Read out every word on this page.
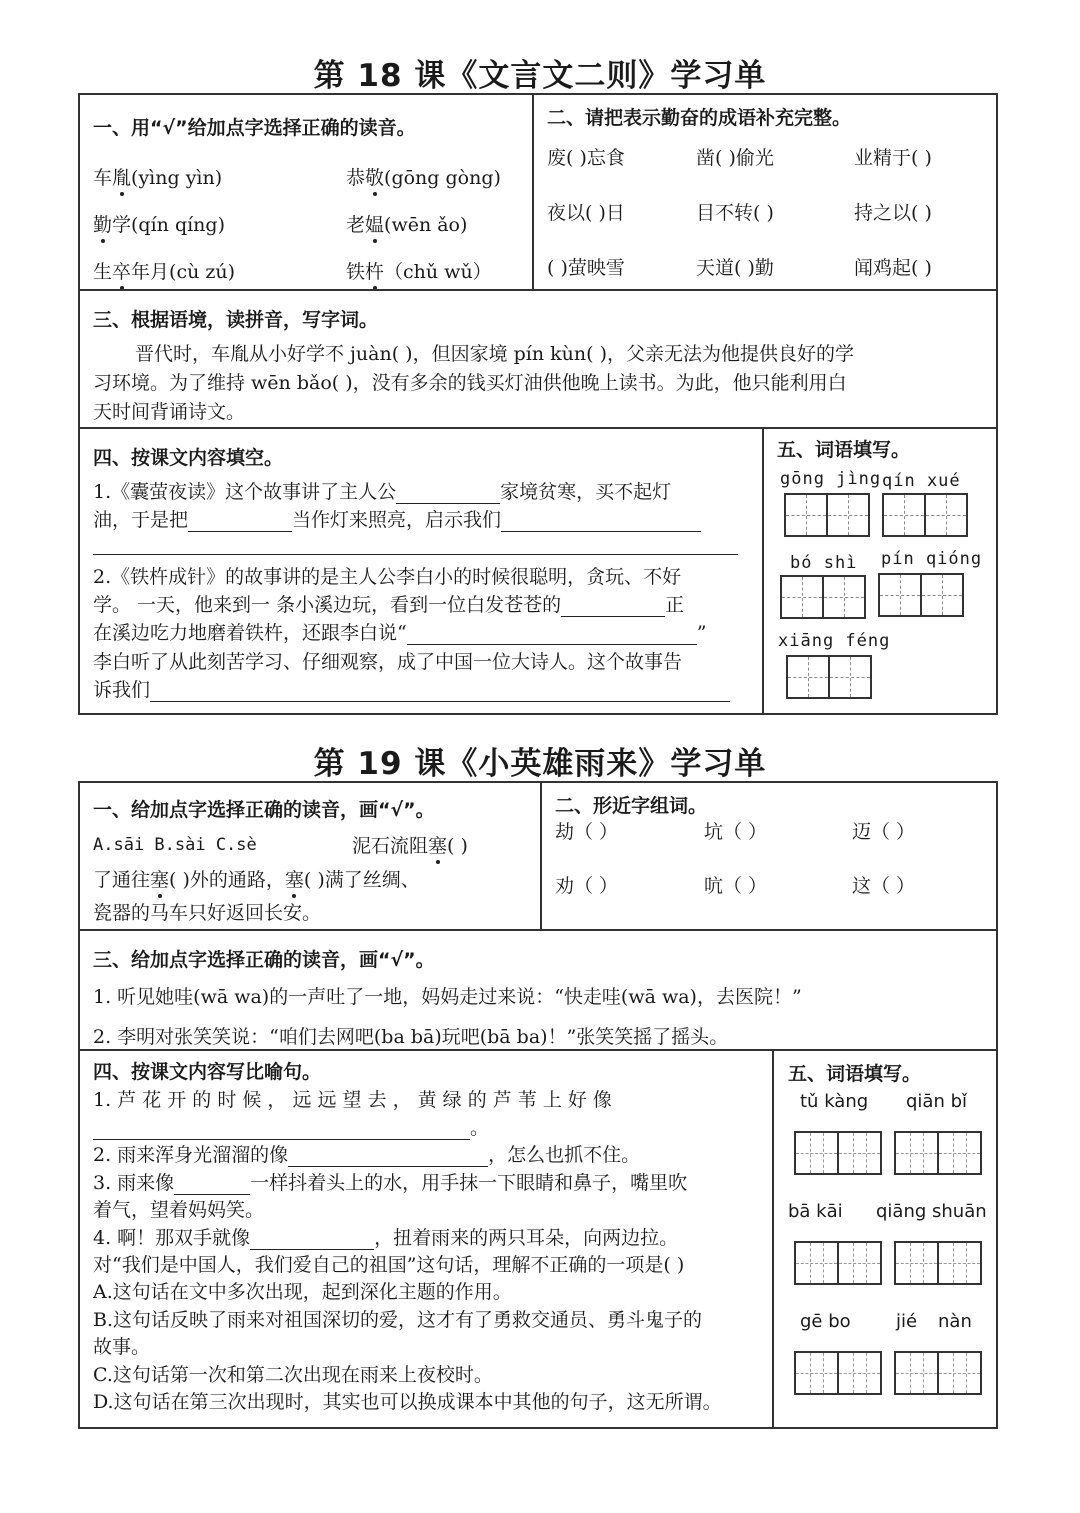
第 18 课《文言文二则》学习单
一、用“√”给加点字选择正确的读音。
车胤(yìng yìn)	恭敬(gōng gòng)
勤学(qín qíng)	老媪(wēn ǎo)
生卒年月(cù zú)	铁杵（chǔ wǔ）
二、请把表示勤奋的成语补充完整。
废( )忘食	凿( )偷光	业精于( )
夜以( )日	目不转( )	持之以( )
( )萤映雪	天道( )勤	闻鸡起( )
三、根据语境，读拼音，写字词。
晋代时，车胤从小好学不 juàn( )，但因家境 pín kùn( )，父亲无法为他提供良好的学
习环境。为了维持 wēn bǎo( )，没有多余的钱买灯油供他晚上读书。为此，他只能利用白
天时间背诵诗文。
四、按课文内容填空。
1.《囊萤夜读》这个故事讲了主人公	家境贫寒，买不起灯
油，于是把	当作灯来照亮，启示我们
2.《铁杵成针》的故事讲的是主人公李白小的时候很聪明，贪玩、不好
学。 一天，他来到一 条小溪边玩，看到一位白发苍苍的	正
在溪边吃力地磨着铁杵，还跟李白说“	”
李白听了从此刻苦学习、仔细观察，成了中国一位大诗人。这个故事告
诉我们
五、词语填写。
gōng jìng qín xué
bó shì pín qióng
xiāng féng
第 19 课《小英雄雨来》学习单
一、给加点字选择正确的读音，画“√”。
A.sāi B.sài C.sè	泥石流阻塞( )
了通往塞( )外的通路，塞( )满了丝绸、
瓷器的马车只好返回长安。
二、形近字组词。
劫（ ）	坑（ ）	迈（ ）
劝（ ）	吭（ ）	这（ ）
三、给加点字选择正确的读音，画“√”。
1. 听见她哇(wā wa)的一声吐了一地，妈妈走过来说：“快走哇(wā wa)，去医院！”
2. 李明对张笑笑说：“咱们去网吧(ba bā)玩吧(bā ba)！”张笑笑摇了摇头。
四、按课文内容写比喻句。
1. 芦 花 开 的 时 候 ， 远 远 望 去 ， 黄 绿 的 芦 苇 上 好 像
。
2. 雨来浑身光溜溜的像	，怎么也抓不住。
3. 雨来像	一样抖着头上的水，用手抹一下眼睛和鼻子，嘴里吹
着气，望着妈妈笑。
4. 啊！那双手就像	，扭着雨来的两只耳朵，向两边拉。
对“我们是中国人，我们爱自己的祖国”这句话，理解不正确的一项是( )
A.这句话在文中多次出现，起到深化主题的作用。
B.这句话反映了雨来对祖国深切的爱，这才有了勇救交通员、勇斗鬼子的
故事。
C.这句话第一次和第二次出现在雨来上夜校时。
D.这句话在第三次出现时，其实也可以换成课本中其他的句子，这无所谓。
五、词语填写。
tǔ kàng qiān bǐ
bā kāi qiāng shuān
gē bo	jié nàn
